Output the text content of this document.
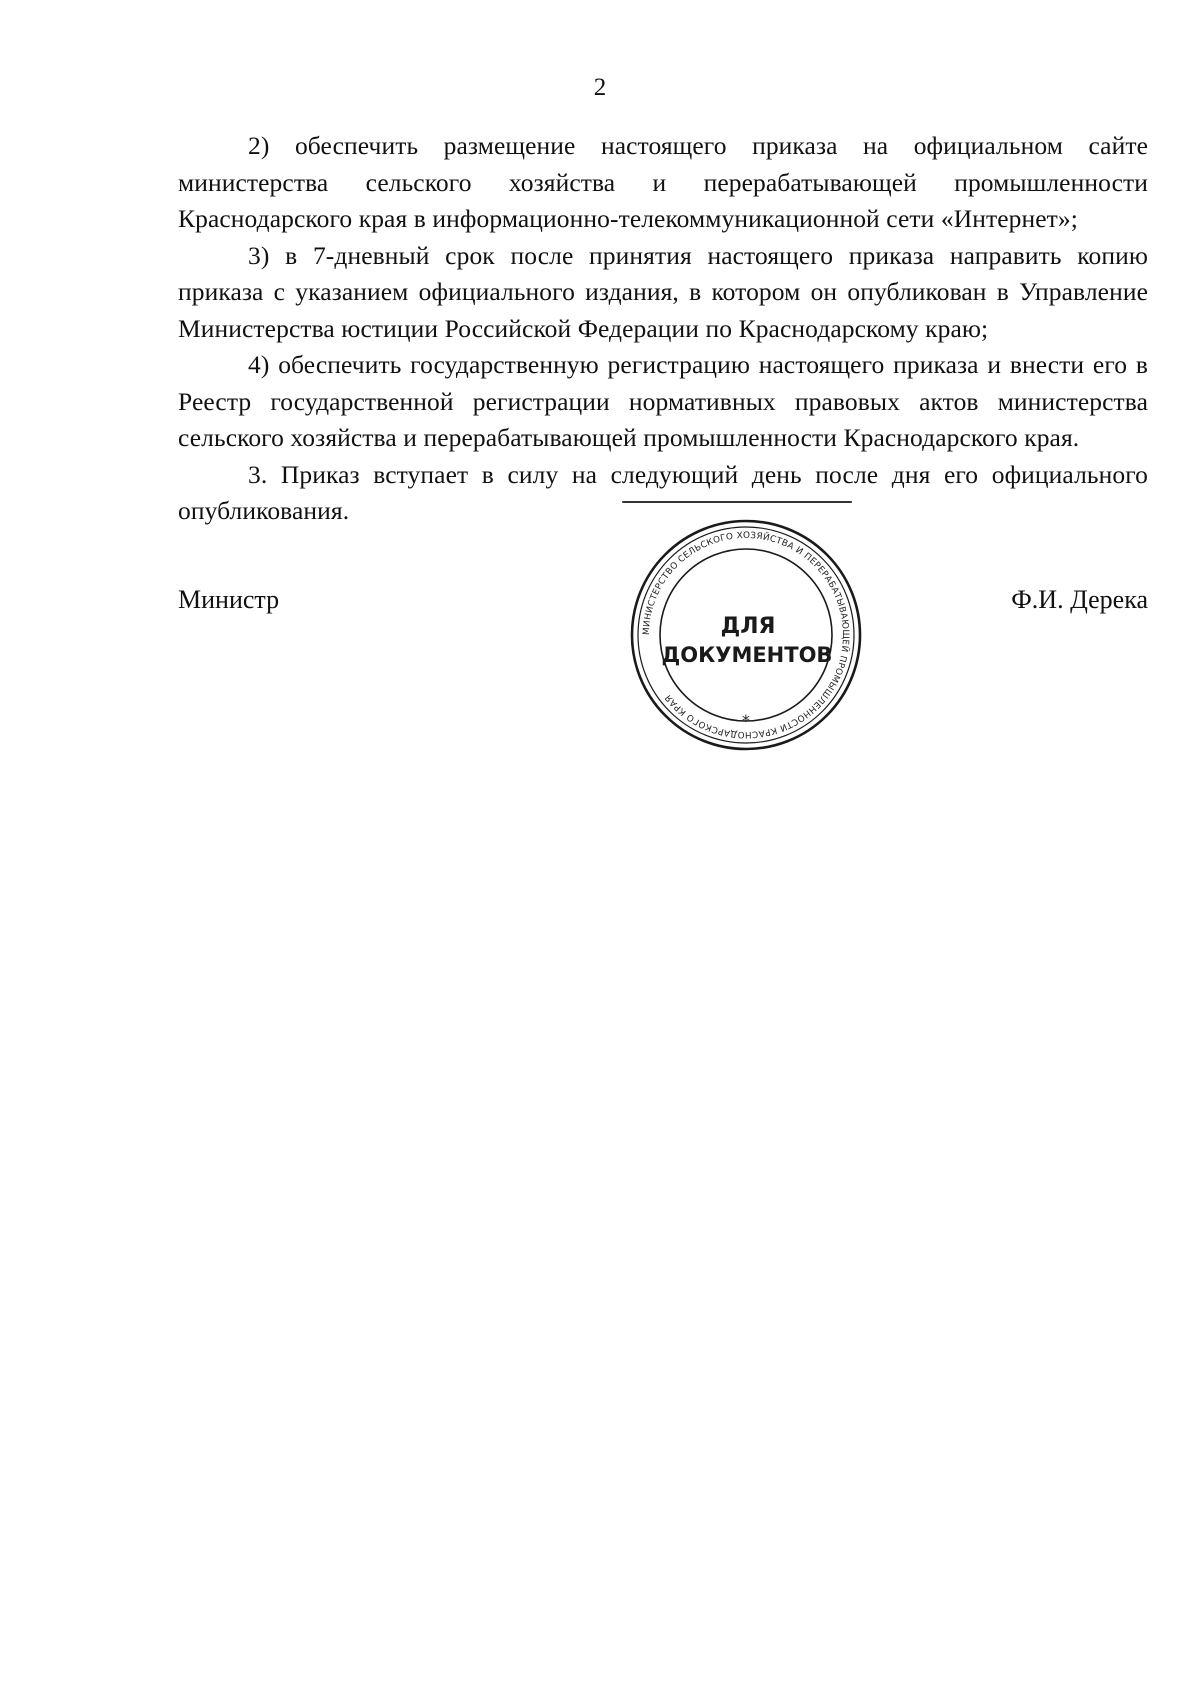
2

2) обеспечить размещение настоящего приказа на официальном сайте министерства сельского хозяйства и перерабатывающей промышленности Краснодарского края в информационно-телекоммуникационной сети «Интернет»;

3) в 7-дневный срок после принятия настоящего приказа направить копию приказа с указанием официального издания, в котором он опубликован в Управление Министерства юстиции Российской Федерации по Краснодарскому краю;

4) обеспечить государственную регистрацию настоящего приказа и внести его в Реестр государственной регистрации нормативных правовых актов министерства сельского хозяйства и перерабатывающей промышленности Краснодарского края.

3. Приказ вступает в силу на следующий день после дня его официального опубликования.

Министр	Ф.И. Дерека
МИНИСТЕРСТВО СЕЛЬСКОГО ХОЗЯЙСТВА И ПЕРЕРАБАТЫВАЮЩЕЙ ПРОМЫШЛЕННОСТИ КРАСНОДАРСКОГО КРАЯ
*
ДЛЯ
ДОКУМЕНТОВ
